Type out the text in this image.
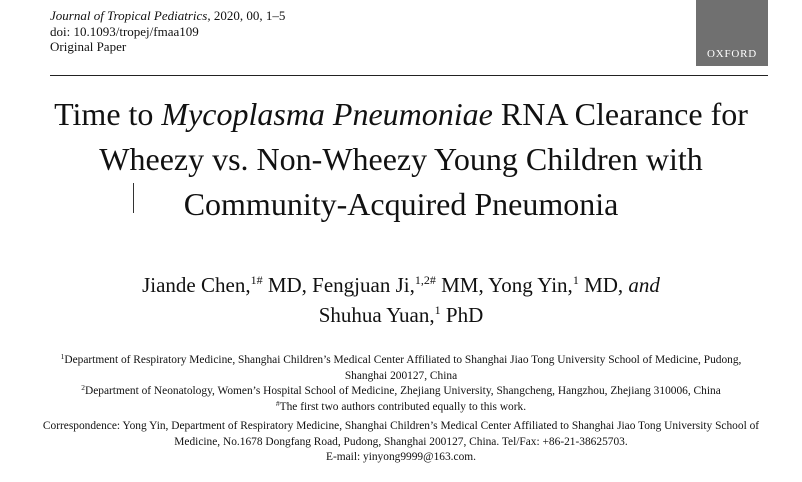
Journal of Tropical Pediatrics, 2020, 00, 1–5
doi: 10.1093/tropej/fmaa109
Original Paper	OXFORD
Time to Mycoplasma Pneumoniae RNA Clearance for Wheezy vs. Non-Wheezy Young Children with Community-Acquired Pneumonia
Jiande Chen,$^{1\#}$ MD, Fengjuan Ji,$^{1,2\#}$ MM, Yong Yin,$^1$ MD, and
Shuhua Yuan,$^1$ PhD

$^1$Department of Respiratory Medicine, Shanghai Children’s Medical Center Affiliated to Shanghai Jiao Tong University School of Medicine, Pudong, Shanghai 200127, China

$^2$Department of Neonatology, Women’s Hospital School of Medicine, Zhejiang University, Shangcheng, Hangzhou, Zhejiang 310006, China

#The first two authors contributed equally to this work.

Correspondence: Yong Yin, Department of Respiratory Medicine, Shanghai Children’s Medical Center Affiliated to Shanghai Jiao Tong University School of Medicine, No.1678 Dongfang Road, Pudong, Shanghai 200127, China. Tel/Fax: +86-21-38625703.

E-mail: yinyong9999@163.com.
